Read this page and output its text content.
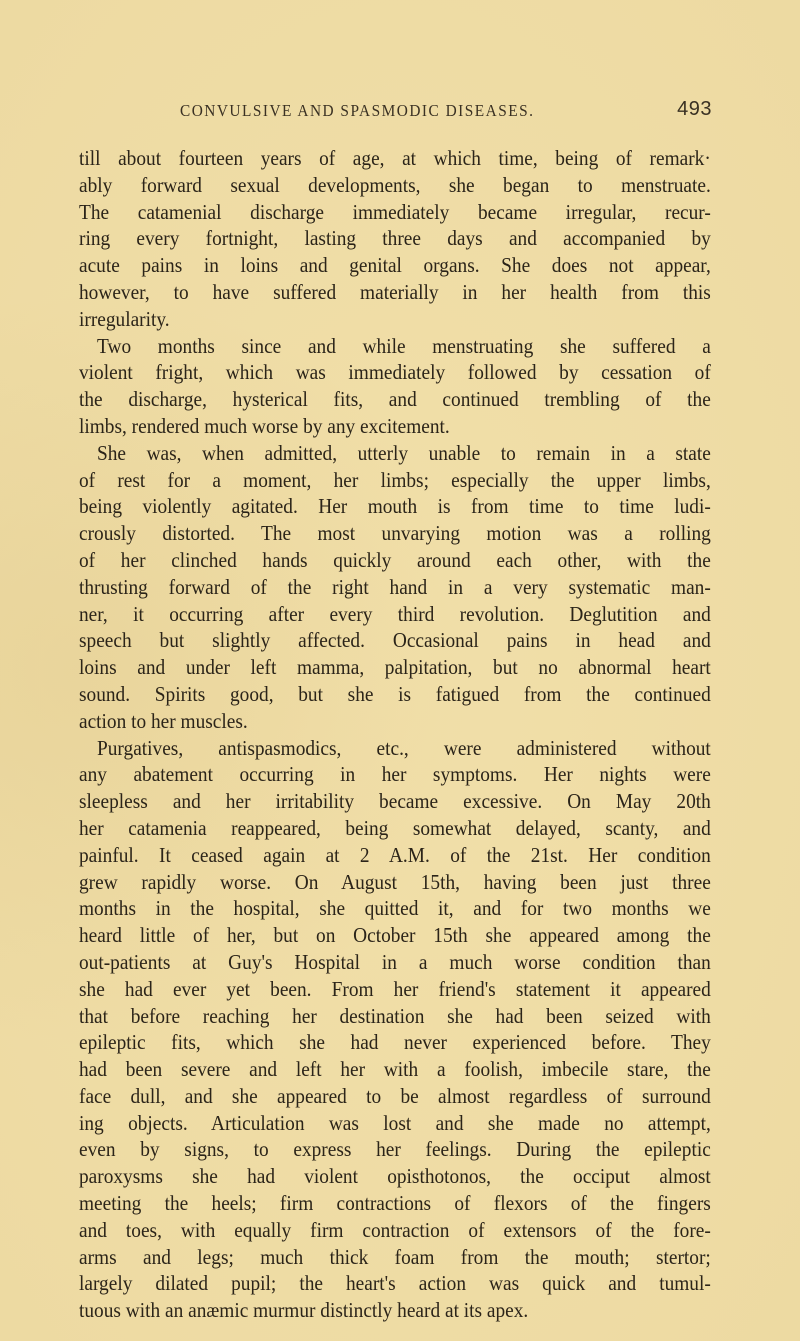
CONVULSIVE AND SPASMODIC DISEASES.	493
till about fourteen years of age, at which time, being of remark·
ably forward sexual developments, she began to menstruate.
The catamenial discharge immediately became irregular, recur-
ring every fortnight, lasting three days and accompanied by
acute pains in loins and genital organs. She does not appear,
however, to have suffered materially in her health from this
irregularity.
Two months since and while menstruating she suffered a
violent fright, which was immediately followed by cessation of
the discharge, hysterical fits, and continued trembling of the
limbs, rendered much worse by any excitement.
She was, when admitted, utterly unable to remain in a state
of rest for a moment, her limbs; especially the upper limbs,
being violently agitated. Her mouth is from time to time ludi-
crously distorted. The most unvarying motion was a rolling
of her clinched hands quickly around each other, with the
thrusting forward of the right hand in a very systematic man-
ner, it occurring after every third revolution. Deglutition and
speech but slightly affected. Occasional pains in head and
loins and under left mamma, palpitation, but no abnormal heart
sound. Spirits good, but she is fatigued from the continued
action to her muscles.
Purgatives, antispasmodics, etc., were administered without
any abatement occurring in her symptoms. Her nights were
sleepless and her irritability became excessive. On May 20th
her catamenia reappeared, being somewhat delayed, scanty, and
painful. It ceased again at 2 A.M. of the 21st. Her condition
grew rapidly worse. On August 15th, having been just three
months in the hospital, she quitted it, and for two months we
heard little of her, but on October 15th she appeared among the
out-patients at Guy's Hospital in a much worse condition than
she had ever yet been. From her friend's statement it appeared
that before reaching her destination she had been seized with
epileptic fits, which she had never experienced before. They
had been severe and left her with a foolish, imbecile stare, the
face dull, and she appeared to be almost regardless of surround
ing objects. Articulation was lost and she made no attempt,
even by signs, to express her feelings. During the epileptic
paroxysms she had violent opisthotonos, the occiput almost
meeting the heels; firm contractions of flexors of the fingers
and toes, with equally firm contraction of extensors of the fore-
arms and legs; much thick foam from the mouth; stertor;
largely dilated pupil; the heart's action was quick and tumul-
tuous with an anæmic murmur distinctly heard at its apex.
